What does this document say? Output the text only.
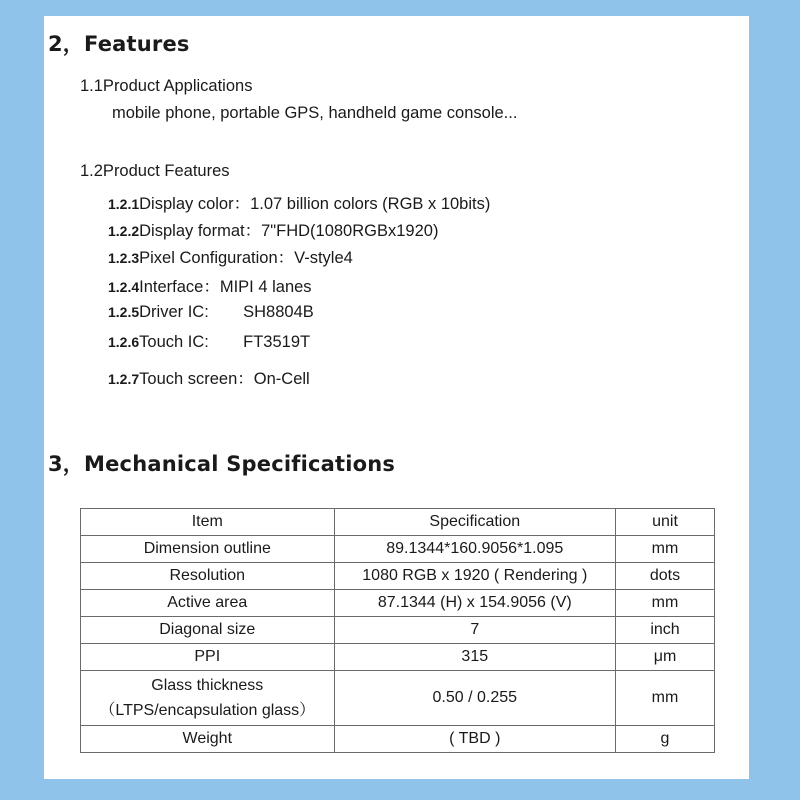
2，Features
1.1Product Applications
mobile phone, portable GPS, handheld game console...
1.2Product Features
1.2.1Display color：1.07 billion colors (RGB x 10bits)
1.2.2Display format：7"FHD(1080RGBx1920)
1.2.3Pixel Configuration：V-style4
1.2.4Interface：MIPI 4 lanes
1.2.5Driver IC: SH8804B
1.2.6Touch IC: FT3519T
1.2.7Touch screen：On-Cell
3，Mechanical Specifications
Item	Specification	unit
Dimension outline	89.1344*160.9056*1.095	mm
Resolution	1080 RGB x 1920 ( Rendering )	dots
Active area	87.1344 (H) x 154.9056 (V)	mm
Diagonal size	7	inch
PPI	315	μm

Glass thickness
（LTPS/encapsulation glass）	0.50 / 0.255	mm
Weight	( TBD )	g
